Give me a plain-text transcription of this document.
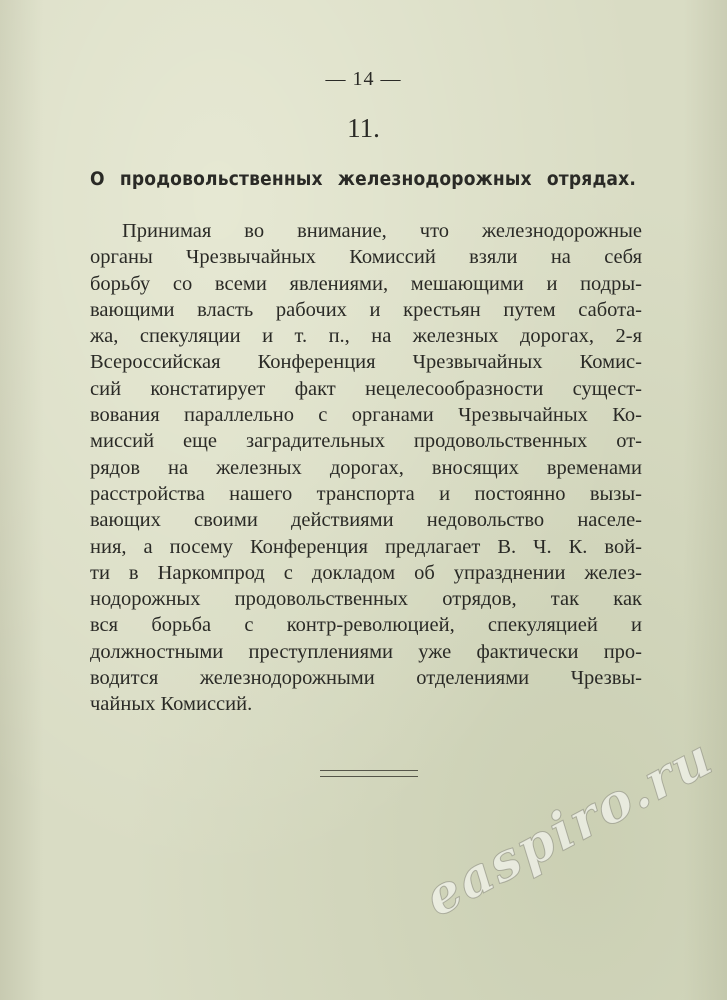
— 14 —
11.
О продовольственных железнодорожных отрядах.
Принимая во внимание, что железнодорожные
органы Чрезвычайных Комиссий взяли на себя
борьбу со всеми явлениями, мешающими и подры-
вающими власть рабочих и крестьян путем саботa-
жа, спекуляции и т. п., на железных дорогах, 2-я
Всероссийская Конференция Чрезвычайных Комис-
сий констатирует факт нецелесообразности сущест-
вования параллельно с органами Чрезвычайных Ко-
миссий еще заградительных продовольственных от-
рядов на железных дорогах, вносящих временами
расстройства нашего транспорта и постоянно вызы-
вающих своими действиями недовольство населе-
ния, а посему Конференция предлагает В. Ч. К. вой-
ти в Наркомпрод с докладом об упразднении желез-
нодорожных продовольственных отрядов, так как
вся борьба с контр-революцией, спекуляцией и
должностными преступлениями уже фактически про-
водится железнодорожными отделениями Чрезвы-
чайных Комиссий.
easpiro.ru
